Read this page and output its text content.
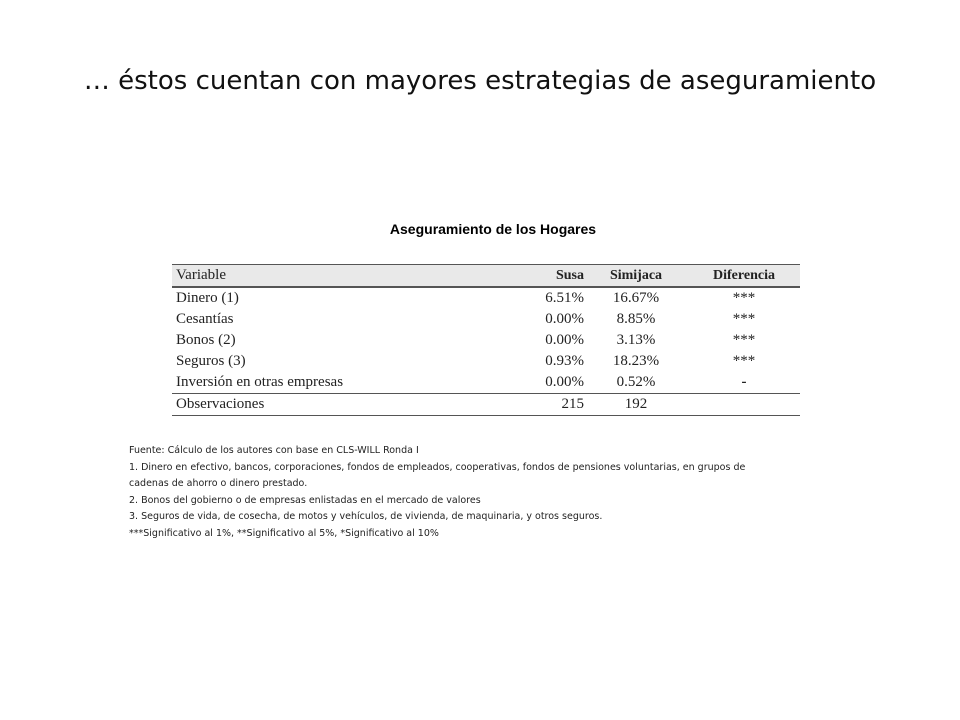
… éstos cuentan con mayores estrategias de aseguramiento
Aseguramiento de los Hogares
Variable	Susa	Simijaca	Diferencia
Dinero (1)	6.51%	16.67%	***
Cesantías	0.00%	8.85%	***
Bonos (2)	0.00%	3.13%	***
Seguros (3)	0.93%	18.23%	***
Inversión en otras empresas	0.00%	0.52%	-
Observaciones	215	192	
Fuente: Cálculo de los autores con base en CLS-WILL Ronda I
1. Dinero en efectivo, bancos, corporaciones, fondos de empleados, cooperativas, fondos de pensiones voluntarias, en grupos de
cadenas de ahorro o dinero prestado.
2. Bonos del gobierno o de empresas enlistadas en el mercado de valores
3. Seguros de vida, de cosecha, de motos y vehículos, de vivienda, de maquinaria, y otros seguros.
***Significativo al 1%, **Significativo al 5%, *Significativo al 10%
